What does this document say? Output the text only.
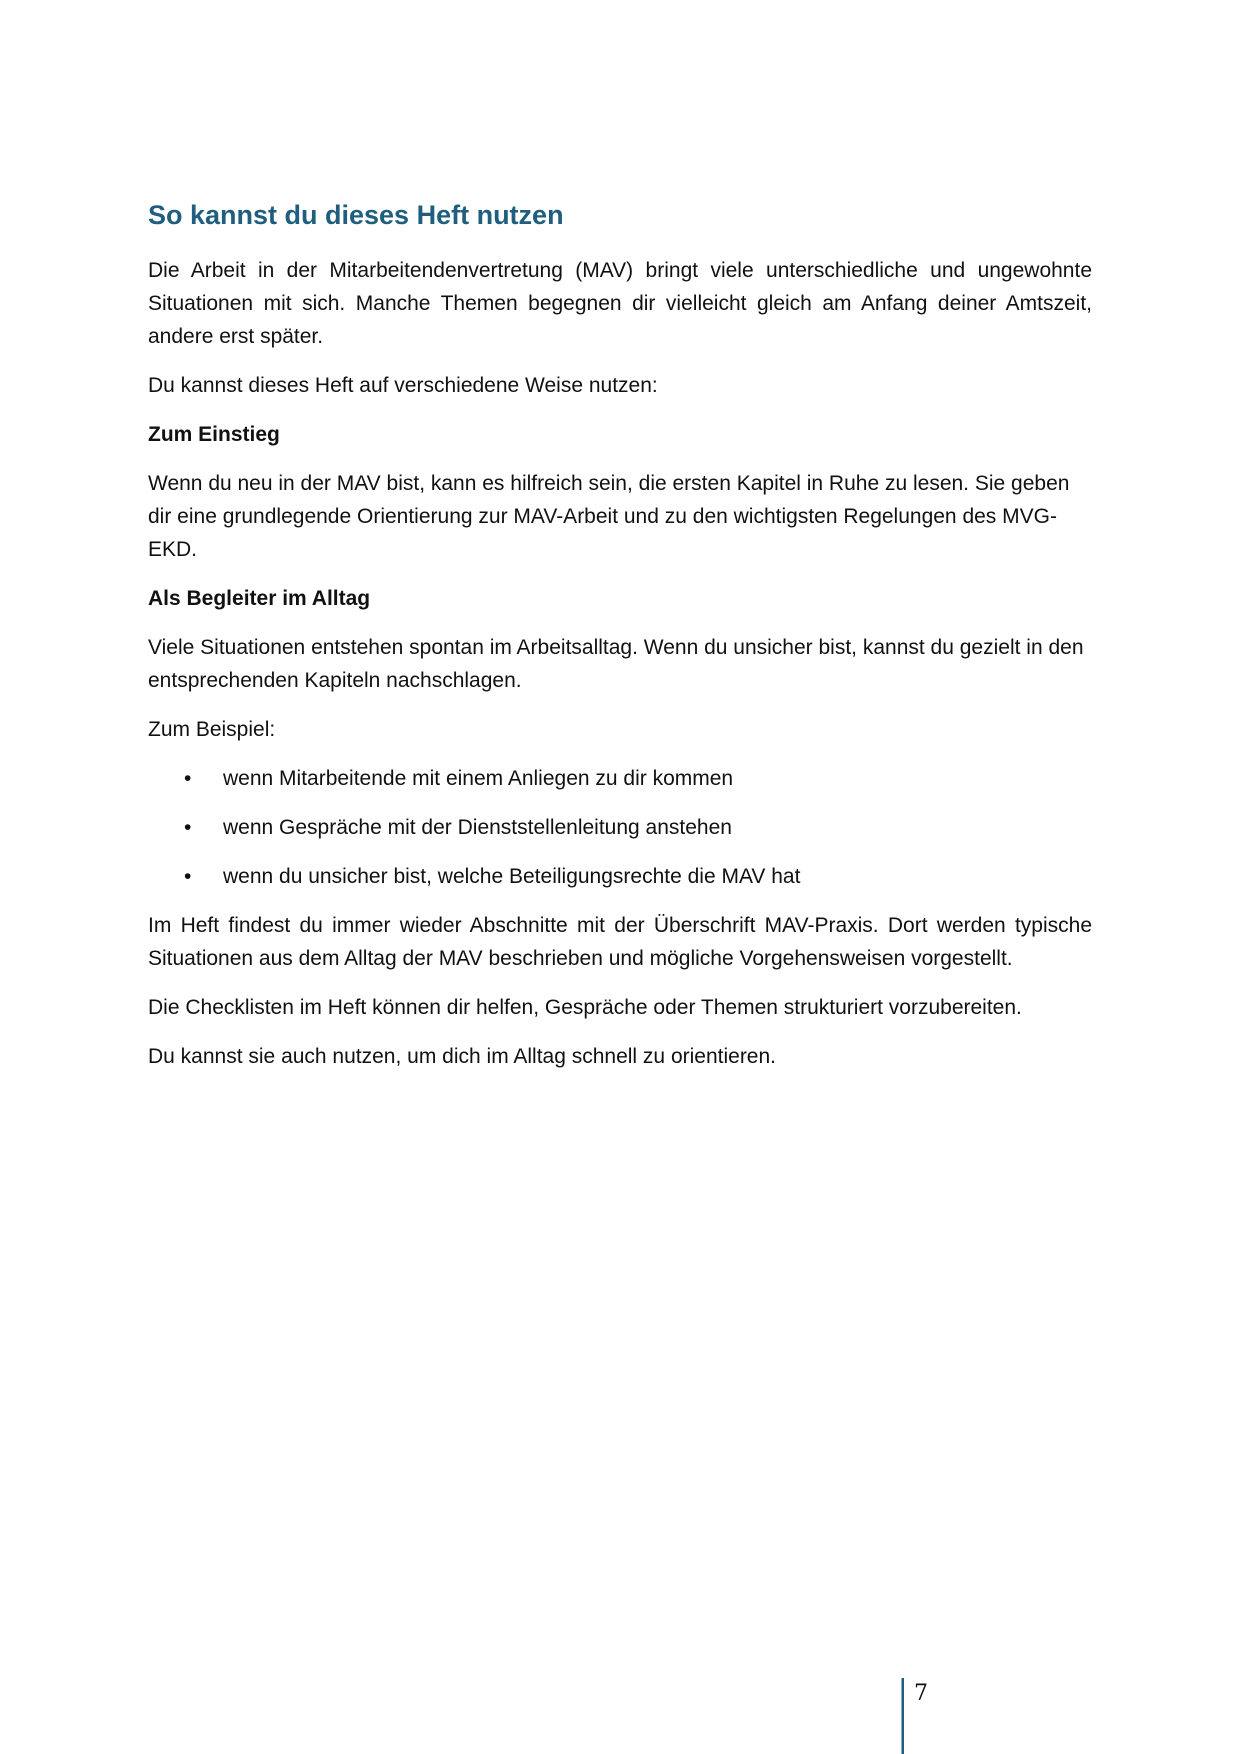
So kannst du dieses Heft nutzen

Die Arbeit in der Mitarbeitendenvertretung (MAV) bringt viele unterschiedliche und ungewohnte Situationen mit sich. Manche Themen begegnen dir vielleicht gleich am Anfang deiner Amtszeit, andere erst später.

Du kannst dieses Heft auf verschiedene Weise nutzen:

Zum Einstieg

Wenn du neu in der MAV bist, kann es hilfreich sein, die ersten Kapitel in Ruhe zu lesen. Sie geben dir eine grundlegende Orientierung zur MAV-Arbeit und zu den wichtigsten Regelungen des MVG-EKD.

Als Begleiter im Alltag

Viele Situationen entstehen spontan im Arbeitsalltag. Wenn du unsicher bist, kannst du gezielt in den entsprechenden Kapiteln nachschlagen.

Zum Beispiel:

• wenn Mitarbeitende mit einem Anliegen zu dir kommen
• wenn Gespräche mit der Dienststellenleitung anstehen
• wenn du unsicher bist, welche Beteiligungsrechte die MAV hat

Im Heft findest du immer wieder Abschnitte mit der Überschrift MAV-Praxis. Dort werden typische Situationen aus dem Alltag der MAV beschrieben und mögliche Vorgehensweisen vorgestellt.

Die Checklisten im Heft können dir helfen, Gespräche oder Themen strukturiert vorzubereiten.

Du kannst sie auch nutzen, um dich im Alltag schnell zu orientieren.

7
